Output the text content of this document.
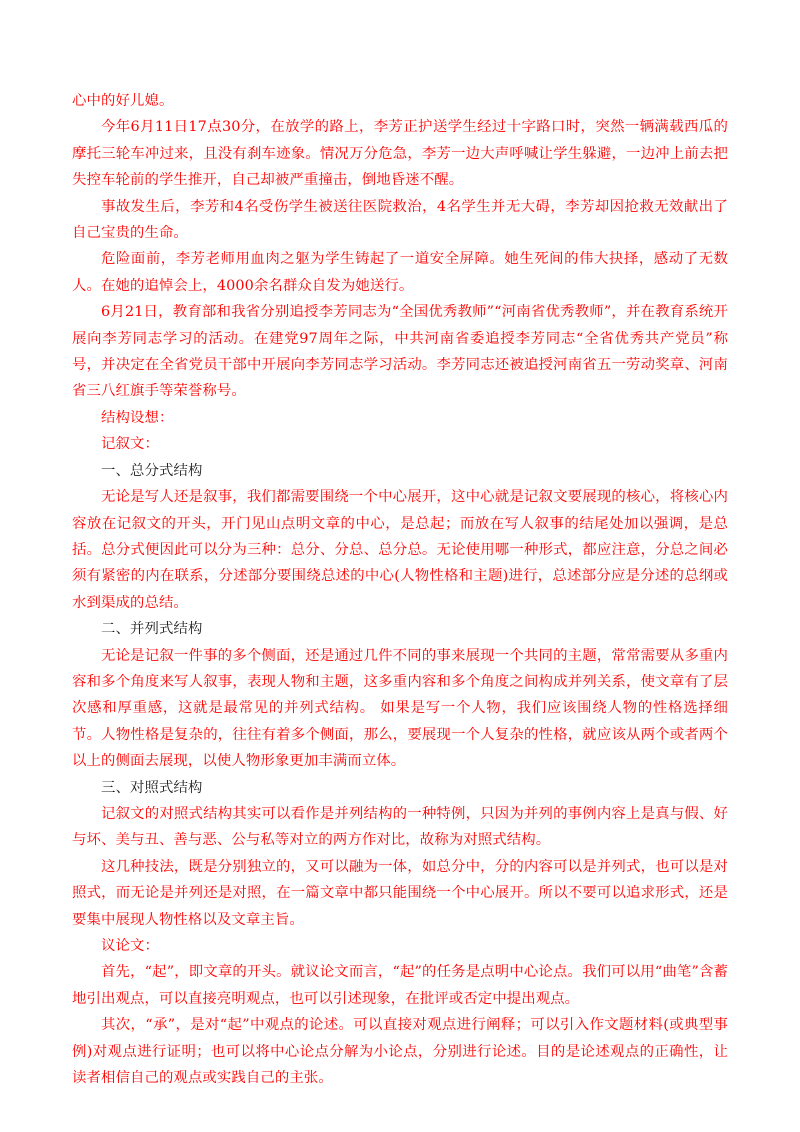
心中的好儿媳。

今年6月11日17点30分，在放学的路上，李芳正护送学生经过十字路口时，突然一辆满载西瓜的摩托三轮车冲过来，且没有刹车迹象。情况万分危急，李芳一边大声呼喊让学生躲避，一边冲上前去把失控车轮前的学生推开，自己却被严重撞击，倒地昏迷不醒。

事故发生后，李芳和4名受伤学生被送往医院救治，4名学生并无大碍，李芳却因抢救无效献出了自己宝贵的生命。

危险面前，李芳老师用血肉之躯为学生铸起了一道安全屏障。她生死间的伟大抉择，感动了无数人。在她的追悼会上，4000余名群众自发为她送行。

6月21日，教育部和我省分别追授李芳同志为“全国优秀教师”“河南省优秀教师”，并在教育系统开展向李芳同志学习的活动。在建党97周年之际，中共河南省委追授李芳同志“全省优秀共产党员”称号，并决定在全省党员干部中开展向李芳同志学习活动。李芳同志还被追授河南省五一劳动奖章、河南省三八红旗手等荣誉称号。

结构设想：

记叙文：

一、总分式结构

无论是写人还是叙事，我们都需要围绕一个中心展开，这中心就是记叙文要展现的核心，将核心内容放在记叙文的开头，开门见山点明文章的中心，是总起；而放在写人叙事的结尾处加以强调，是总括。总分式便因此可以分为三种：总分、分总、总分总。无论使用哪一种形式，都应注意，分总之间必须有紧密的内在联系，分述部分要围绕总述的中心(人物性格和主题)进行，总述部分应是分述的总纲或水到渠成的总结。

二、并列式结构

无论是记叙一件事的多个侧面，还是通过几件不同的事来展现一个共同的主题，常常需要从多重内容和多个角度来写人叙事，表现人物和主题，这多重内容和多个角度之间构成并列关系，使文章有了层次感和厚重感，这就是最常见的并列式结构。 如果是写一个人物，我们应该围绕人物的性格选择细节。人物性格是复杂的，往往有着多个侧面，那么，要展现一个人复杂的性格，就应该从两个或者两个以上的侧面去展现，以使人物形象更加丰满而立体。

三、对照式结构

记叙文的对照式结构其实可以看作是并列结构的一种特例，只因为并列的事例内容上是真与假、好与坏、美与丑、善与恶、公与私等对立的两方作对比，故称为对照式结构。

这几种技法，既是分别独立的，又可以融为一体，如总分中，分的内容可以是并列式，也可以是对照式，而无论是并列还是对照，在一篇文章中都只能围绕一个中心展开。所以不要可以追求形式，还是要集中展现人物性格以及文章主旨。

议论文：

首先，“起”，即文章的开头。就议论文而言，“起”的任务是点明中心论点。我们可以用“曲笔”含蓄地引出观点，可以直接亮明观点，也可以引述现象，在批评或否定中提出观点。

其次，“承”，是对“起”中观点的论述。可以直接对观点进行阐释；可以引入作文题材料(或典型事例)对观点进行证明；也可以将中心论点分解为小论点，分别进行论述。目的是论述观点的正确性，让读者相信自己的观点或实践自己的主张。
